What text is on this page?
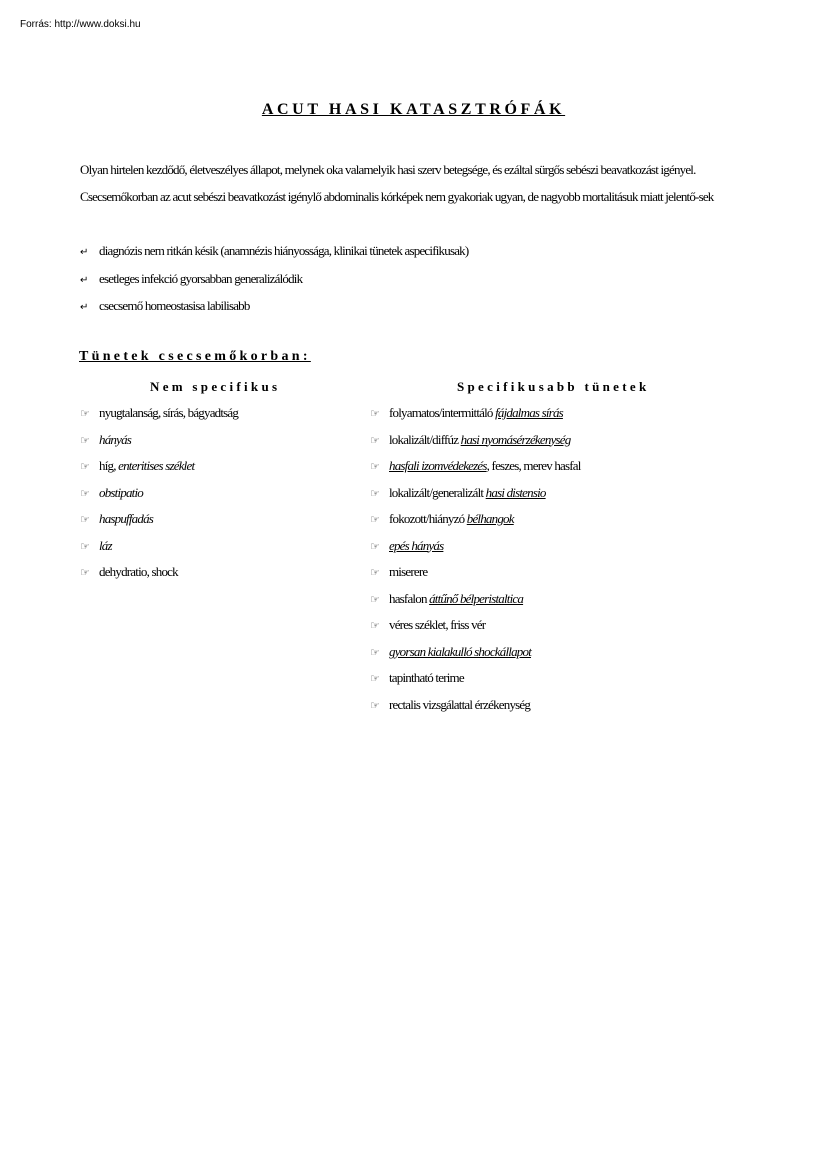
Forrás: http://www.doksi.hu
ACUT HASI KATASZTRÓFÁK

Olyan hirtelen kezdődő, életveszélyes állapot, melynek oka valamelyik hasi szerv betegsége, és ezáltal sürgős sebészi beavatkozást igényel.

Csecsemőkorban az acut sebészi beavatkozást igénylő abdominalis kórképek nem gyakoriak ugyan, de nagyobb mortalitásuk miatt jelentő-sek

↵ diagnózis nem ritkán késik (anamnézis hiányossága, klinikai tünetek aspecifikusak)
↵ esetleges infekció gyorsabban generalizálódik
↵ csecsemő homeostasisa labilisabb
Tünetek csecsemőkorban:
Nem specifikus	Specifikusabb tünetek
☞ nyugtalanság, sírás, bágyadtság
☞ hányás
☞ híg, enteritises széklet
☞ obstipatio
☞ haspuffadás
☞ láz
☞ dehydratio, shock
☞ folyamatos/intermittáló fájdalmas sírás
☞ lokalizált/diffúz hasi nyomásérzékenység
☞ hasfali izomvédekezés, feszes, merev hasfal
☞ lokalizált/generalizált hasi distensio
☞ fokozott/hiányzó bélhangok
☞ epés hányás
☞ miserere
☞ hasfalon áttűnő bélperistaltica
☞ véres széklet, friss vér
☞ gyorsan kialakulló shockállapot
☞ tapintható terime
☞ rectalis vizsgálattal érzékenység
